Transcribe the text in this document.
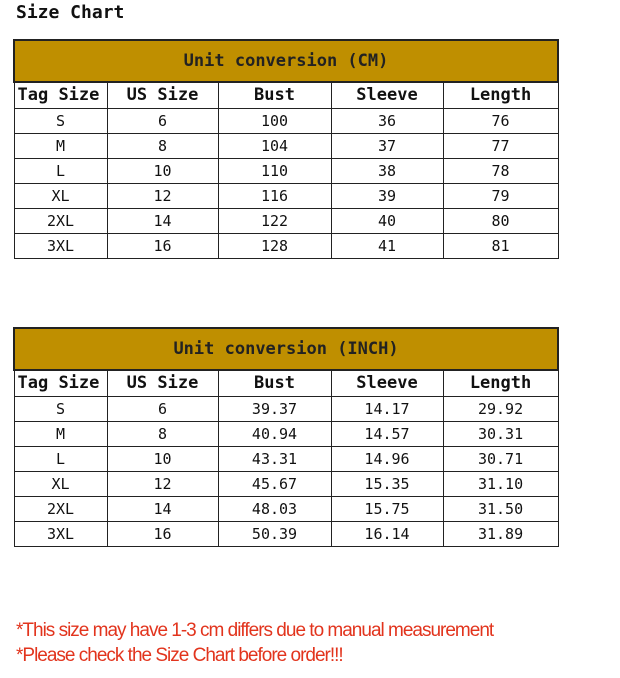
Size Chart
Unit conversion (CM)				
Tag Size	US Size	Bust	Sleeve	Length
S	6	100	36	76
M	8	104	37	77
L	10	110	38	78
XL	12	116	39	79
2XL	14	122	40	80
3XL	16	128	41	81
Unit conversion (INCH)				
Tag Size	US Size	Bust	Sleeve	Length
S	6	39.37	14.17	29.92
M	8	40.94	14.57	30.31
L	10	43.31	14.96	30.71
XL	12	45.67	15.35	31.10
2XL	14	48.03	15.75	31.50
3XL	16	50.39	16.14	31.89
*This size may have 1-3 cm differs due to manual measurement
*Please check the Size Chart before order!!!
